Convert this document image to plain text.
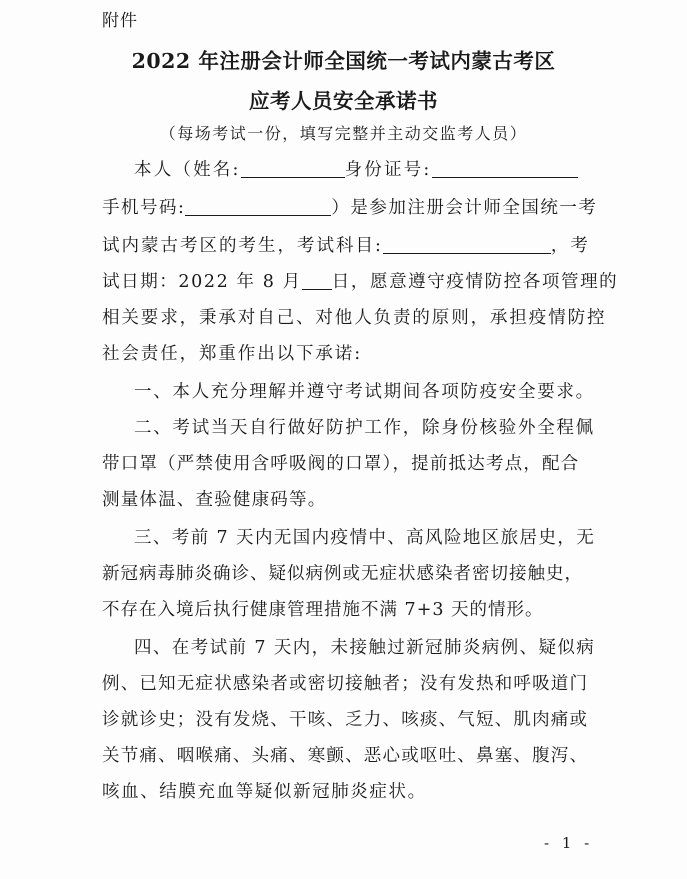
附件
2022 年注册会计师全国统一考试内蒙古考区
应考人员安全承诺书
（每场考试一份，填写完整并主动交监考人员）
本人（姓名:	身份证号:
手机号码:	）是参加注册会计师全国统一考
试内蒙古考区的考生，考试科目:	，考
试日期：2022 年 8 月 日，愿意遵守疫情防控各项管理的
相关要求，秉承对自己、对他人负责的原则，承担疫情防控
社会责任，郑重作出以下承诺:
一、本人充分理解并遵守考试期间各项防疫安全要求。
二、考试当天自行做好防护工作，除身份核验外全程佩
带口罩（严禁使用含呼吸阀的口罩），提前抵达考点，配合
测量体温、查验健康码等。
三、考前 7 天内无国内疫情中、高风险地区旅居史，无
新冠病毒肺炎确诊、疑似病例或无症状感染者密切接触史，
不存在入境后执行健康管理措施不满 7+3 天的情形。
四、在考试前 7 天内，未接触过新冠肺炎病例、疑似病
例、已知无症状感染者或密切接触者；没有发热和呼吸道门
诊就诊史；没有发烧、干咳、乏力、咳痰、气短、肌肉痛或
关节痛、咽喉痛、头痛、寒颤、恶心或呕吐、鼻塞、腹泻、
咳血、结膜充血等疑似新冠肺炎症状。
- 1 -
